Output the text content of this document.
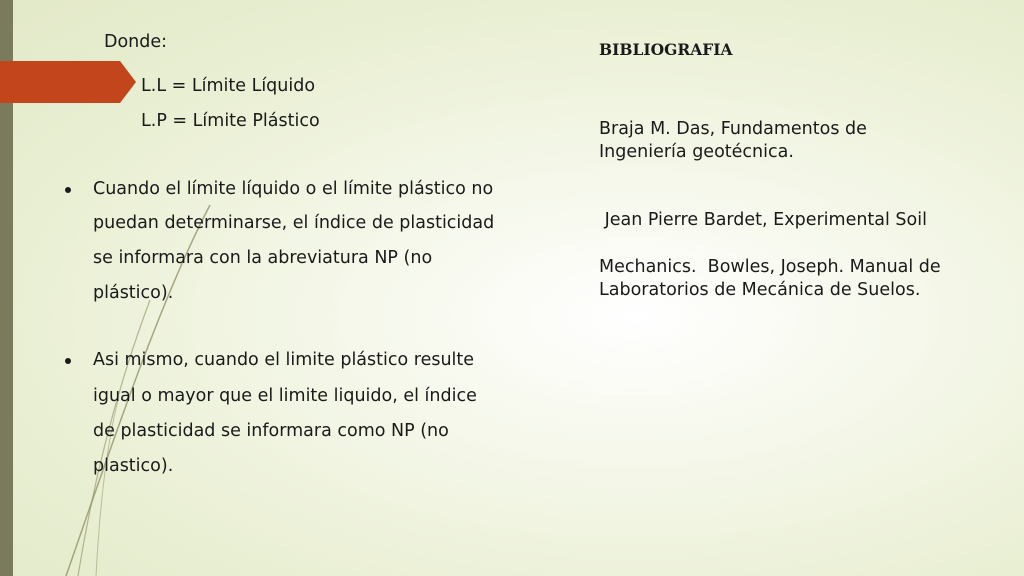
Donde:
L.L = Límite Líquido
L.P = Límite Plástico
Cuando el límite líquido o el límite plástico no
puedan determinarse, el índice de plasticidad
se informara con la abreviatura NP (no
plástico).
Asi mismo, cuando el limite plástico resulte
igual o mayor que el limite liquido, el índice
de plasticidad se informara como NP (no
plastico).
BIBLIOGRAFIA
Braja M. Das, Fundamentos de
Ingeniería geotécnica.
Jean Pierre Bardet, Experimental Soil
Mechanics.  Bowles, Joseph. Manual de
Laboratorios de Mecánica de Suelos.
